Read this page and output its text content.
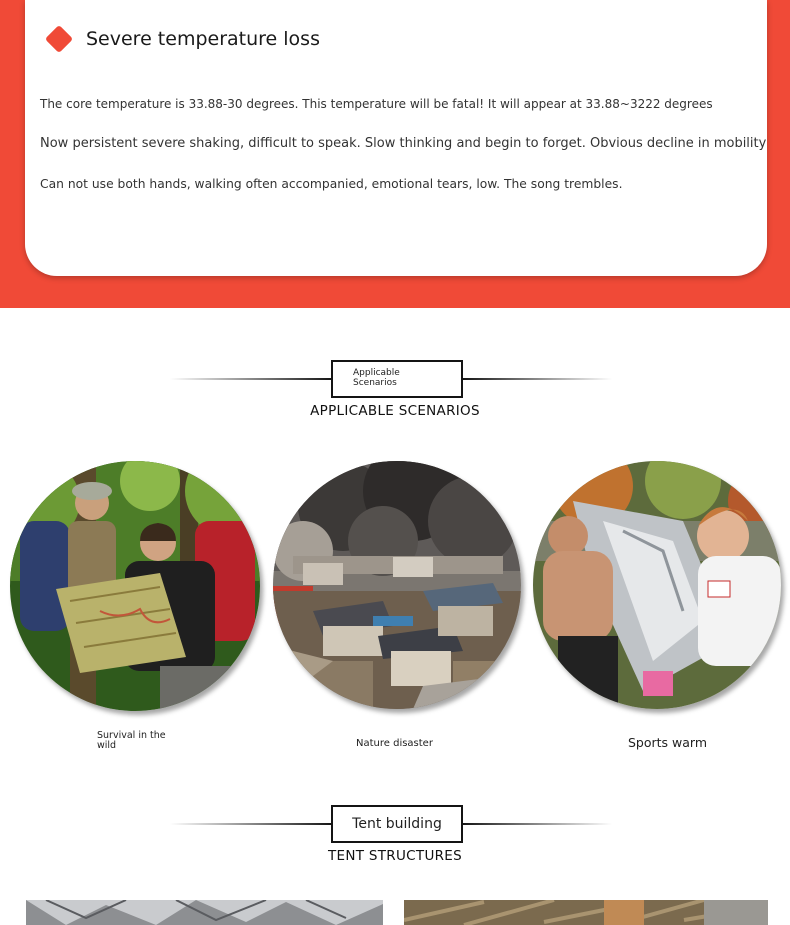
Severe temperature loss
The core temperature is 33.88-30 degrees. This temperature will be fatal! It will appear at 33.88~3222 degrees
Now persistent severe shaking, difficult to speak. Slow thinking and begin to forget. Obvious decline in mobility
Can not use both hands, walking often accompanied, emotional tears, low. The song trembles.
Applicable Scenarios
APPLICABLE SCENARIOS
Survival in the wild	Nature disaster	Sports warm
Tent building
TENT STRUCTURES
